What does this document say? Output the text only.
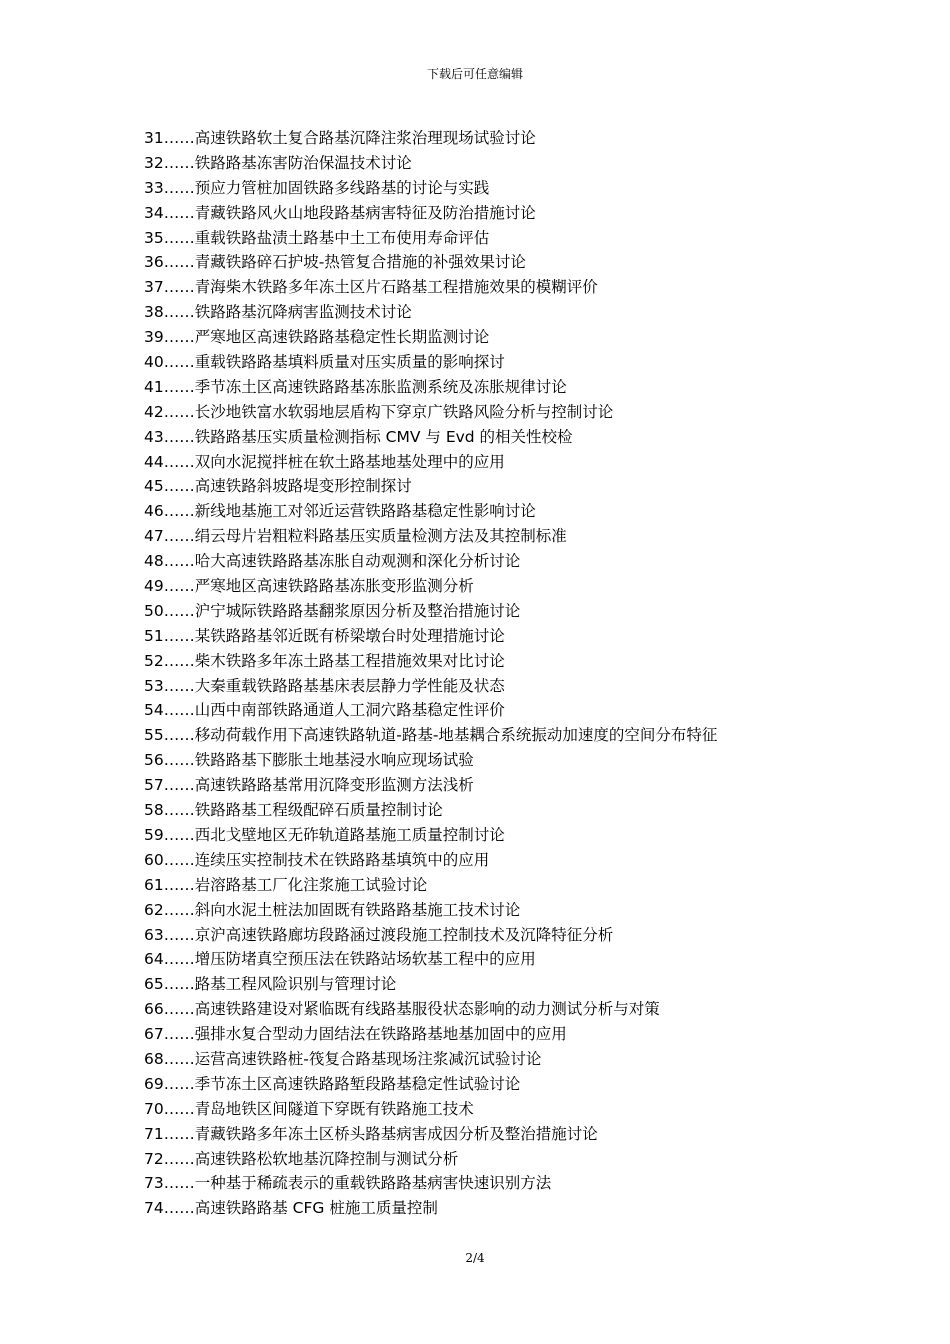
下载后可任意编辑
31……高速铁路软土复合路基沉降注浆治理现场试验讨论
32……铁路路基冻害防治保温技术讨论
33……预应力管桩加固铁路多线路基的讨论与实践
34……青藏铁路风火山地段路基病害特征及防治措施讨论
35……重载铁路盐渍土路基中土工布使用寿命评估
36……青藏铁路碎石护坡-热管复合措施的补强效果讨论
37……青海柴木铁路多年冻土区片石路基工程措施效果的模糊评价
38……铁路路基沉降病害监测技术讨论
39……严寒地区高速铁路路基稳定性长期监测讨论
40……重载铁路路基填料质量对压实质量的影响探讨
41……季节冻土区高速铁路路基冻胀监测系统及冻胀规律讨论
42……长沙地铁富水软弱地层盾构下穿京广铁路风险分析与控制讨论
43……铁路路基压实质量检测指标 CMV 与 Evd 的相关性校检
44……双向水泥搅拌桩在软土路基地基处理中的应用
45……高速铁路斜坡路堤变形控制探讨
46……新线地基施工对邻近运营铁路路基稳定性影响讨论
47……绢云母片岩粗粒料路基压实质量检测方法及其控制标准
48……哈大高速铁路路基冻胀自动观测和深化分析讨论
49……严寒地区高速铁路路基冻胀变形监测分析
50……沪宁城际铁路路基翻浆原因分析及整治措施讨论
51……某铁路路基邻近既有桥梁墩台时处理措施讨论
52……柴木铁路多年冻土路基工程措施效果对比讨论
53……大秦重载铁路路基基床表层静力学性能及状态
54……山西中南部铁路通道人工洞穴路基稳定性评价
55……移动荷载作用下高速铁路轨道-路基-地基耦合系统振动加速度的空间分布特征
56……铁路路基下膨胀土地基浸水响应现场试验
57……高速铁路路基常用沉降变形监测方法浅析
58……铁路路基工程级配碎石质量控制讨论
59……西北戈壁地区无砟轨道路基施工质量控制讨论
60……连续压实控制技术在铁路路基填筑中的应用
61……岩溶路基工厂化注浆施工试验讨论
62……斜向水泥土桩法加固既有铁路路基施工技术讨论
63……京沪高速铁路廊坊段路涵过渡段施工控制技术及沉降特征分析
64……增压防堵真空预压法在铁路站场软基工程中的应用
65……路基工程风险识别与管理讨论
66……高速铁路建设对紧临既有线路基服役状态影响的动力测试分析与对策
67……强排水复合型动力固结法在铁路路基地基加固中的应用
68……运营高速铁路桩-筏复合路基现场注浆减沉试验讨论
69……季节冻土区高速铁路路堑段路基稳定性试验讨论
70……青岛地铁区间隧道下穿既有铁路施工技术
71……青藏铁路多年冻土区桥头路基病害成因分析及整治措施讨论
72……高速铁路松软地基沉降控制与测试分析
73……一种基于稀疏表示的重载铁路路基病害快速识别方法
74……高速铁路路基 CFG 桩施工质量控制
2/4
